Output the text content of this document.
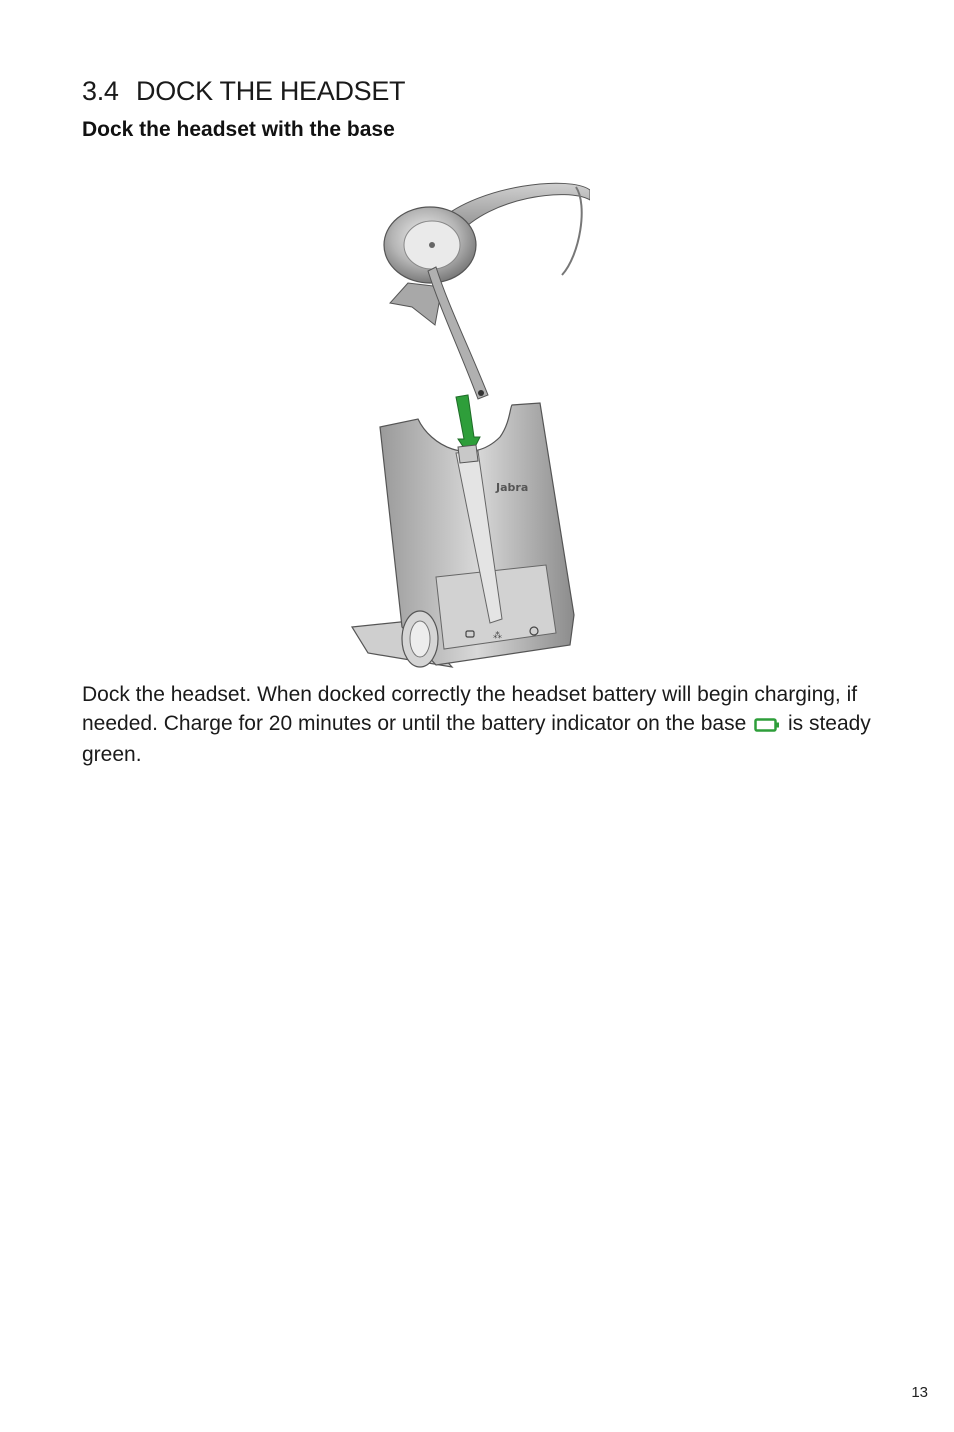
3.4 DOCK THE HEADSET
Dock the headset with the base
⁂
Jabra

Dock the headset. When docked correctly the headset battery will begin charging, if needed. Charge for 20 minutes or until the battery indicator on the base is steady green.

13
